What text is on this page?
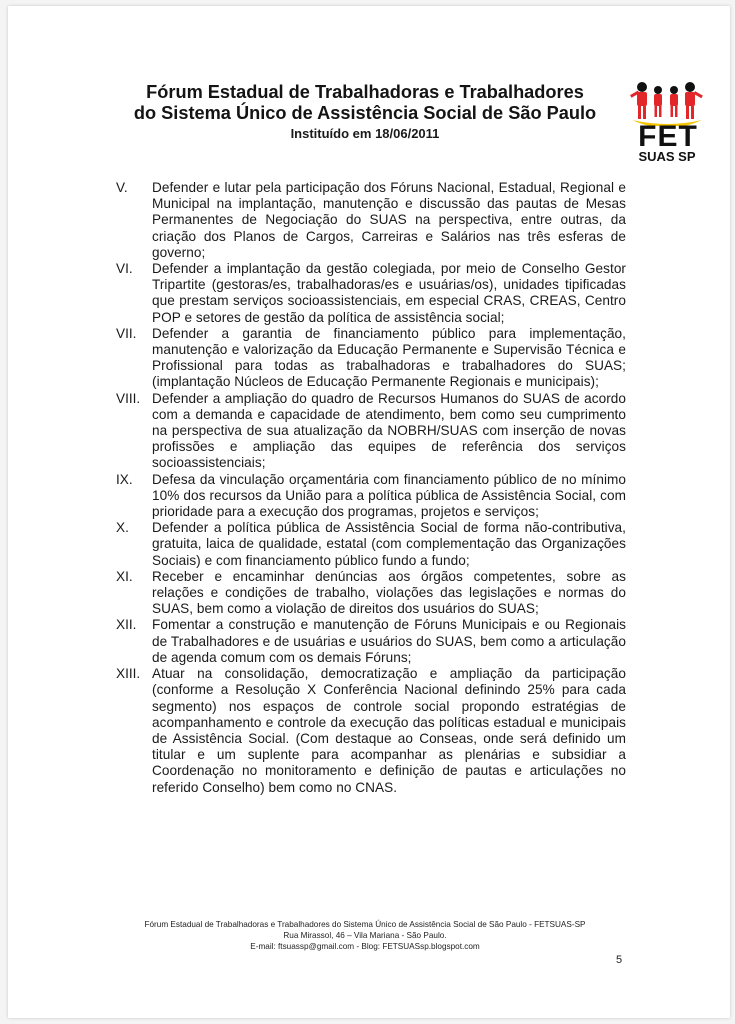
Fórum Estadual de Trabalhadoras e Trabalhadores
do Sistema Único de Assistência Social de São Paulo
Instituído em 18/06/2011	FET
SUAS SP
V.	Defender e lutar pela participação dos Fóruns Nacional, Estadual, Regional e Municipal na implantação, manutenção e discussão das pautas de Mesas Permanentes de Negociação do SUAS na perspectiva, entre outras, da criação dos Planos de Cargos, Carreiras e Salários nas três esferas de governo;
VI.	Defender a implantação da gestão colegiada, por meio de Conselho Gestor Tripartite (gestoras/es, trabalhadoras/es e usuárias/os), unidades tipificadas que prestam serviços socioassistenciais, em especial CRAS, CREAS, Centro POP e setores de gestão da política de assistência social;
VII.	Defender a garantia de financiamento público para implementação, manutenção e valorização da Educação Permanente e Supervisão Técnica e Profissional para todas as trabalhadoras e trabalhadores do SUAS; (implantação Núcleos de Educação Permanente Regionais e municipais);
VIII. Defender a ampliação do quadro de Recursos Humanos do SUAS de acordo com a demanda e capacidade de atendimento, bem como seu cumprimento na perspectiva de sua atualização da NOBRH/SUAS com inserção de novas profissões e ampliação das equipes de referência dos serviços socioassistenciais;
IX.	Defesa da vinculação orçamentária com financiamento público de no mínimo 10% dos recursos da União para a política pública de Assistência Social, com prioridade para a execução dos programas, projetos e serviços;
X.	Defender a política pública de Assistência Social de forma não-contributiva, gratuita, laica de qualidade, estatal (com complementação das Organizações Sociais) e com financiamento público fundo a fundo;
XI.	Receber e encaminhar denúncias aos órgãos competentes, sobre as relações e condições de trabalho, violações das legislações e normas do SUAS, bem como a violação de direitos dos usuários do SUAS;
XII.	Fomentar a construção e manutenção de Fóruns Municipais e ou Regionais de Trabalhadores e de usuárias e usuários do SUAS, bem como a articulação de agenda comum com os demais Fóruns;
XIII. Atuar na consolidação, democratização e ampliação da participação (conforme a Resolução X Conferência Nacional definindo 25% para cada segmento) nos espaços de controle social propondo estratégias de acompanhamento e controle da execução das políticas estadual e municipais de Assistência Social. (Com destaque ao Conseas, onde será definido um titular e um suplente para acompanhar as plenárias e subsidiar a Coordenação no monitoramento e definição de pautas e articulações no referido Conselho) bem como no CNAS.
Fórum Estadual de Trabalhadoras e Trabalhadores do Sistema Único de Assistência Social de São Paulo - FETSUAS-SP
Rua Mirassol, 46 – Vila Mariana - São Paulo.
E-mail: ftsuassp@gmail.com - Blog: FETSUASsp.blogspot.com
5
